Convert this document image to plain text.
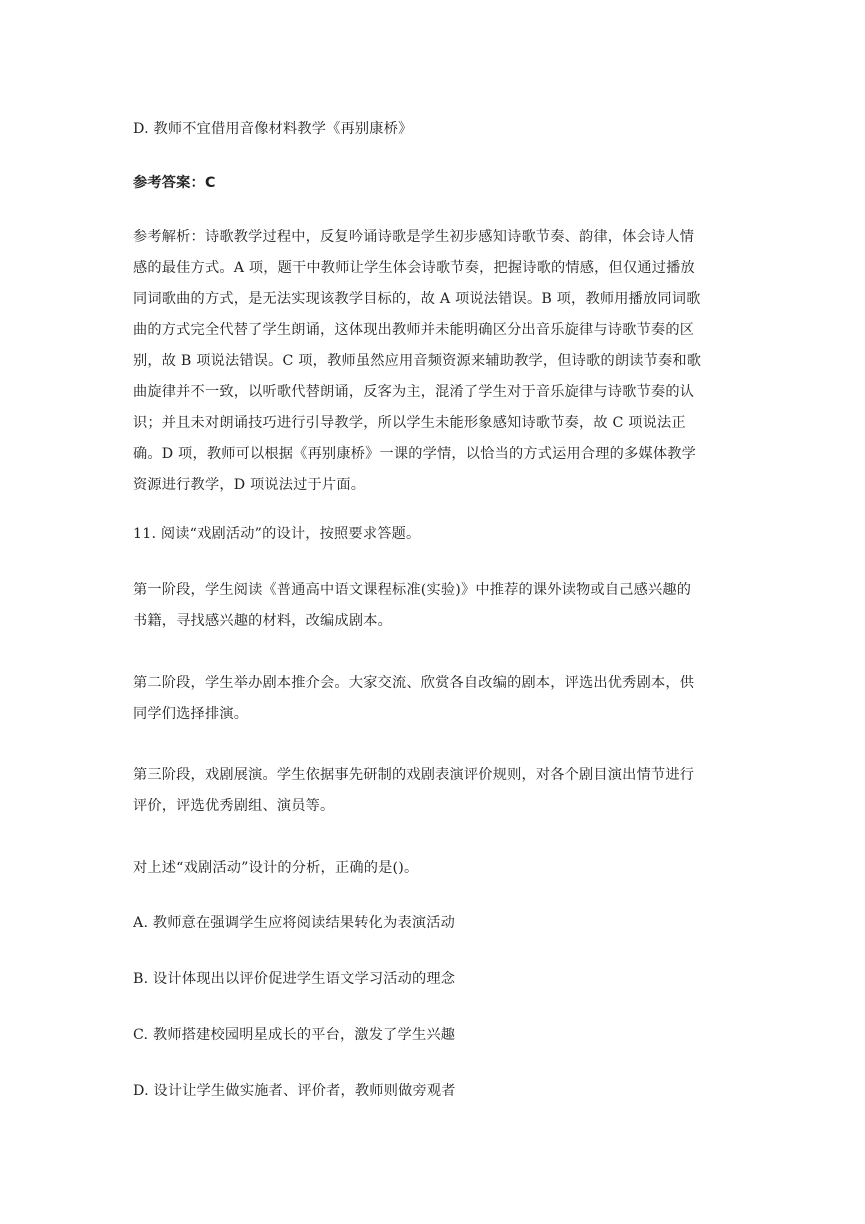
D. 教师不宜借用音像材料教学《再别康桥》
参考答案：C
参考解析：诗歌教学过程中，反复吟诵诗歌是学生初步感知诗歌节奏、韵律，体会诗人情
感的最佳方式。A 项，题干中教师让学生体会诗歌节奏，把握诗歌的情感，但仅通过播放
同词歌曲的方式，是无法实现该教学目标的，故 A 项说法错误。B 项，教师用播放同词歌
曲的方式完全代替了学生朗诵，这体现出教师并未能明确区分出音乐旋律与诗歌节奏的区
别，故 B 项说法错误。C 项，教师虽然应用音频资源来辅助教学，但诗歌的朗读节奏和歌
曲旋律并不一致，以听歌代替朗诵，反客为主，混淆了学生对于音乐旋律与诗歌节奏的认
识；并且未对朗诵技巧进行引导教学，所以学生未能形象感知诗歌节奏，故 C 项说法正
确。D 项，教师可以根据《再别康桥》一课的学情，以恰当的方式运用合理的多媒体教学
资源进行教学，D 项说法过于片面。
11. 阅读“戏剧活动”的设计，按照要求答题。
第一阶段，学生阅读《普通高中语文课程标准(实验)》中推荐的课外读物或自己感兴趣的
书籍，寻找感兴趣的材料，改编成剧本。
第二阶段，学生举办剧本推介会。大家交流、欣赏各自改编的剧本，评选出优秀剧本，供
同学们选择排演。
第三阶段，戏剧展演。学生依据事先研制的戏剧表演评价规则，对各个剧目演出情节进行
评价，评选优秀剧组、演员等。
对上述“戏剧活动”设计的分析，正确的是()。
A. 教师意在强调学生应将阅读结果转化为表演活动
B. 设计体现出以评价促进学生语文学习活动的理念
C. 教师搭建校园明星成长的平台，激发了学生兴趣
D. 设计让学生做实施者、评价者，教师则做旁观者
